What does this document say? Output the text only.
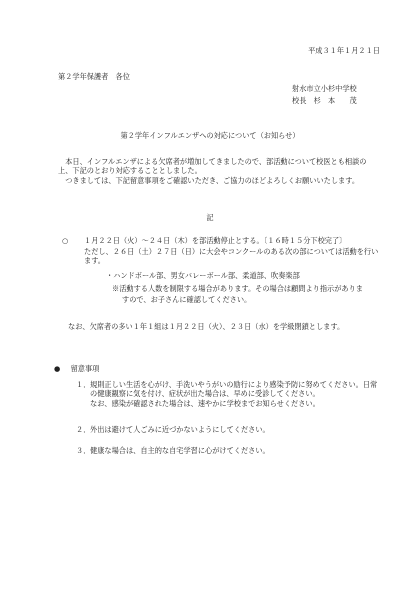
平成３１年１月２１日
第２学年保護者　各位
射水市立小杉中学校
校長　杉　本　　茂
第２学年インフルエンザへの対応について（お知らせ）

本日、インフルエンザによる欠席者が増加してきましたので、部活動について校医とも相談の上、下記のとおり対応することとしました。

つきましては、下記留意事項をご確認いただき、ご協力のほどよろしくお願いいたします。

記
○	１月２２日（火）～２４日（木）を部活動停止とする。〔１６時１５分下校完了〕
ただし、２６日（土）２７日（日）に大会やコンクールのある次の部については活動を行います。
・ハンドボール部、男女バレーボール部、柔道部、吹奏楽部
※活動する人数を制限する場合があります。その場合は顧問より指示がありま
すので、お子さんに確認してください。
なお、欠席者の多い１年１組は１月２２日（火）、２３日（水）を学級閉鎖とします。
● 留意事項
１． 規則正しい生活を心がけ、手洗いやうがいの励行により感染予防に努めてください。日常の健康観察に気を付け、症状が出た場合は、早めに受診してください。
なお、感染が確認された場合は、速やかに学校までお知らせください。
２．外出は避けて人ごみに近づかないようにしてください。
３．健康な場合は、自主的な自宅学習に心がけてください。
